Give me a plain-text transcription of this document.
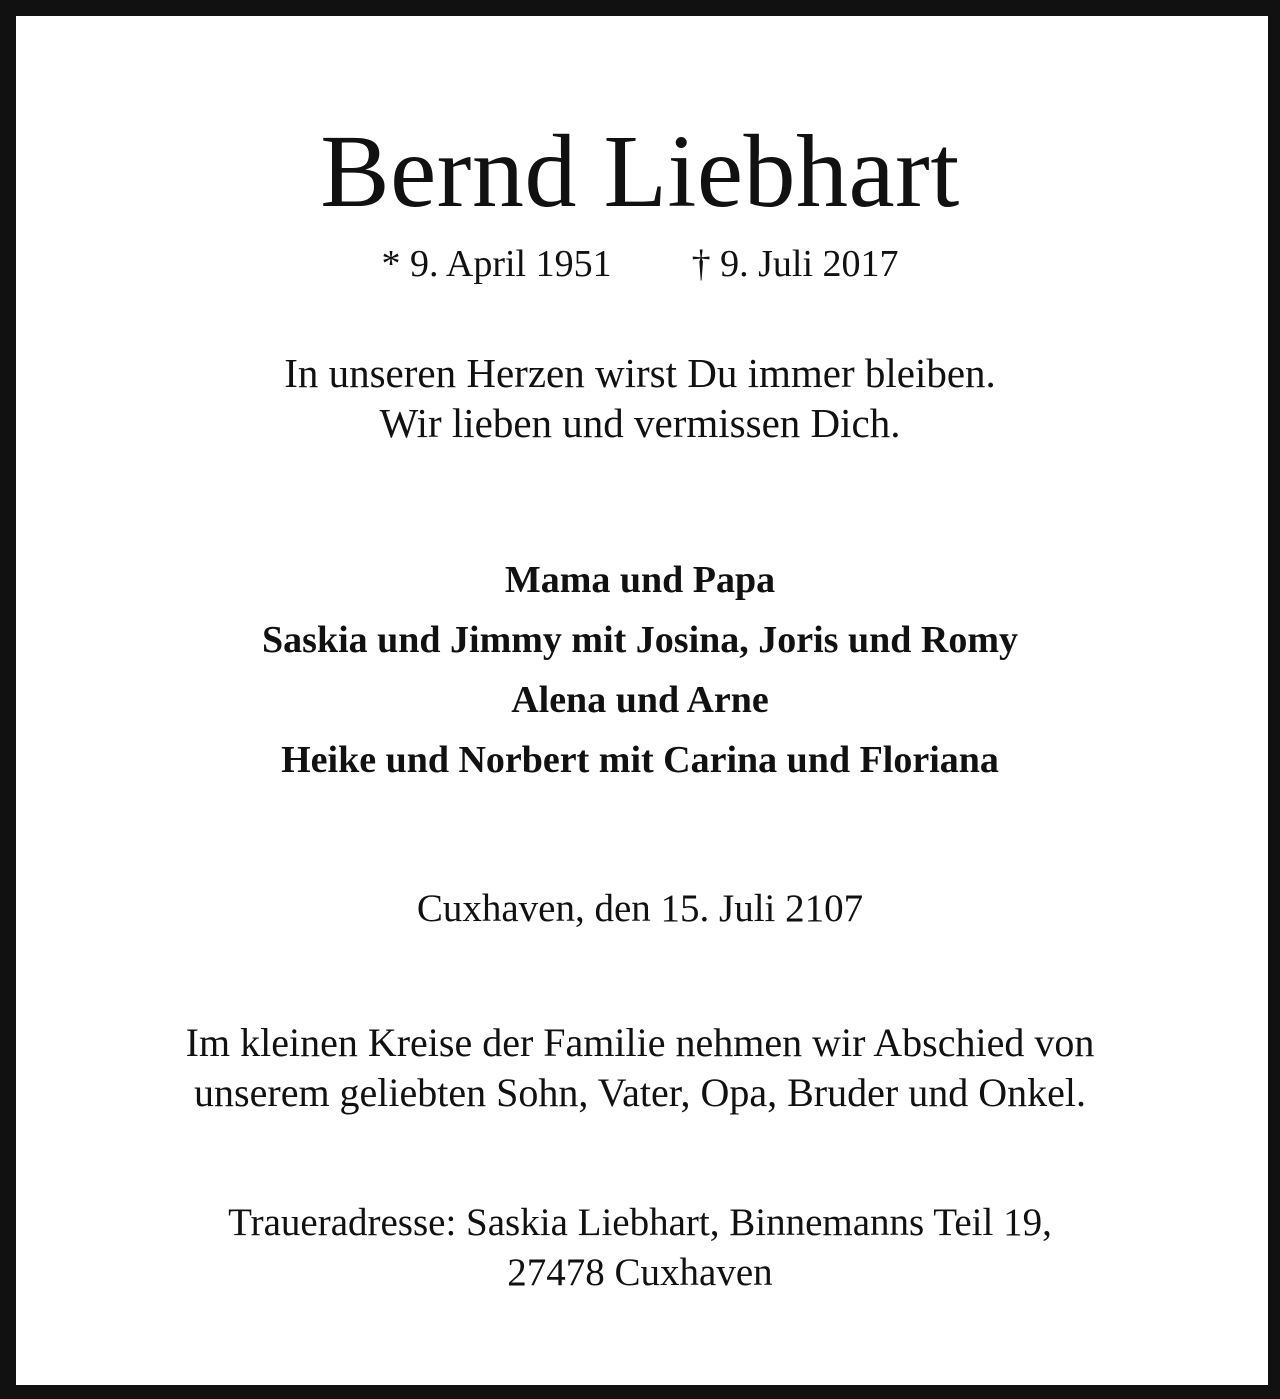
Bernd Liebhart
* 9. April 1951 † 9. Juli 2017
In unseren Herzen wirst Du immer bleiben.
Wir lieben und vermissen Dich.
Mama und Papa
Saskia und Jimmy mit Josina, Joris und Romy
Alena und Arne
Heike und Norbert mit Carina und Floriana
Cuxhaven, den 15. Juli 2107
Im kleinen Kreise der Familie nehmen wir Abschied von
unserem geliebten Sohn, Vater, Opa, Bruder und Onkel.
Traueradresse: Saskia Liebhart, Binnemanns Teil 19,
27478 Cuxhaven
